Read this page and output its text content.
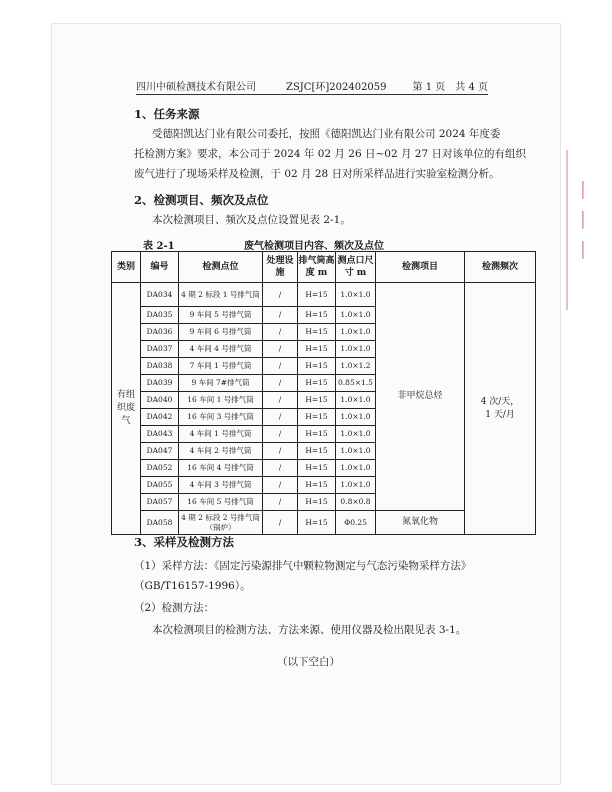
▕
▕
▕
四川中硕检测技术有限公司	ZSJC[环]202402059	第 1 页　共 4 页
1、任务来源
受德阳凯达门业有限公司委托，按照《德阳凯达门业有限公司 2024 年度委
托检测方案》要求，本公司于 2024 年 02 月 26 日~02 月 27 日对该单位的有组织
废气进行了现场采样及检测，于 02 月 28 日对所采样品进行实验室检测分析。
2、检测项目、频次及点位
本次检测项目、频次及点位设置见表 2-1。
表 2-1	废气检测项目内容、频次及点位
类别	编号	检测点位	处理设施	排气筒高度 m	测点口尺寸 m	检测项目	检测频次
有组织废气	DA034	4 期 2 标段 1 号排气筒	/	H=15	1.0×1.0	非甲烷总烃	4 次/天，1 天/月
	DA035	9 车间 5 号排气筒	/	H=15	1.0×1.0		
	DA036	9 车间 6 号排气筒	/	H=15	1.0×1.0		
	DA037	4 车间 4 号排气筒	/	H=15	1.0×1.0		
	DA038	7 车间 1 号排气筒	/	H=15	1.0×1.2		
	DA039	9 车间 7#排气筒	/	H=15	0.85×1.5		
	DA040	16 车间 1 号排气筒	/	H=15	1.0×1.0		
	DA042	16 车间 3 号排气筒	/	H=15	1.0×1.0		
	DA043	4 车间 1 号排气筒	/	H=15	1.0×1.0		
	DA047	4 车间 2 号排气筒	/	H=15	1.0×1.0		
	DA052	16 车间 4 号排气筒	/	H=15	1.0×1.0		
	DA055	4 车间 3 号排气筒	/	H=15	1.0×1.0		
	DA057	16 车间 5 号排气筒	/	H=15	0.8×0.8		
	DA058	4 期 2 标段 2 号排气筒（锅炉）	/	H=15	Φ0.25	氮氧化物	
3、采样及检测方法
（1）采样方法：《固定污染源排气中颗粒物测定与气态污染物采样方法》
（GB/T16157-1996）。
（2）检测方法：
本次检测项目的检测方法、方法来源、使用仪器及检出限见表 3-1。
（以下空白）
